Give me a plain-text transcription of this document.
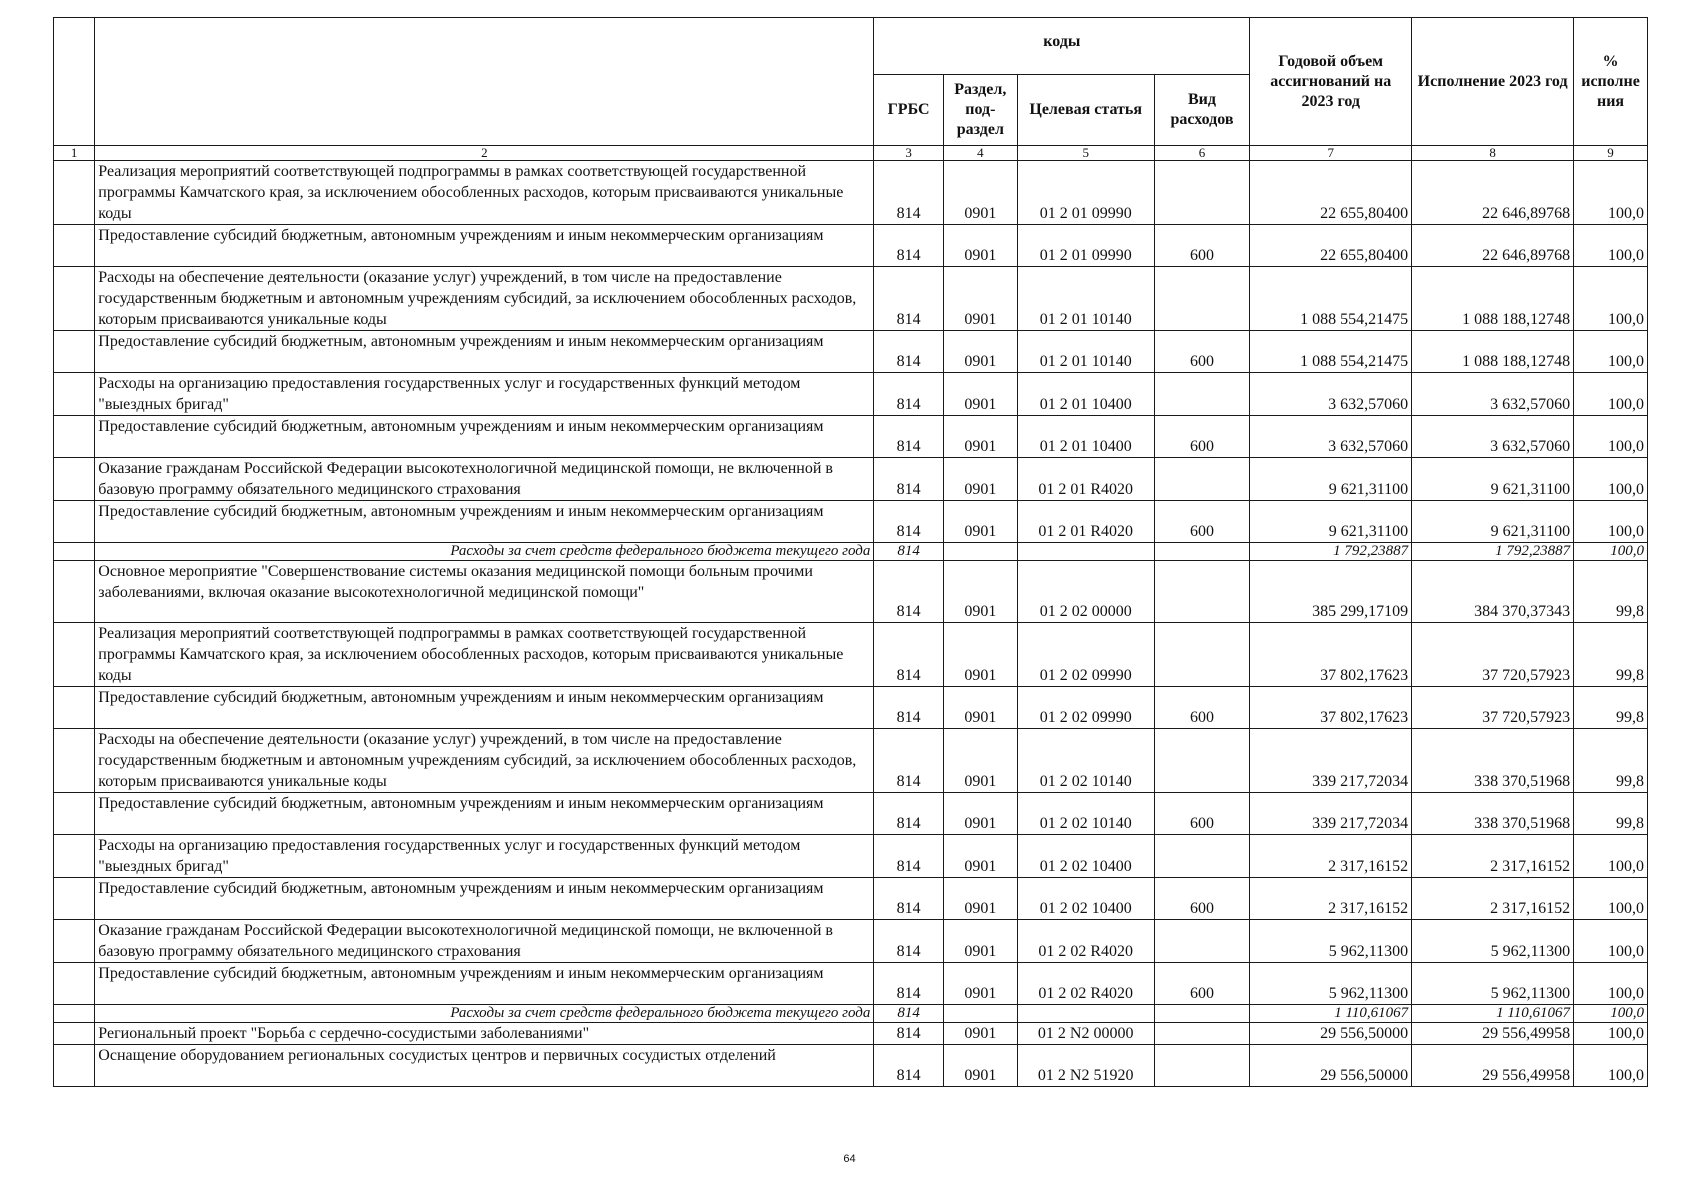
		коды				Годовой объем ассигнований на 2023 год	Исполнение 2023 год	% исполне ния
		ГРБС	Раздел, под-раздел	Целевая статья	Вид расходов			
1	2	3	4	5	6	7	8	9
	Реализация мероприятий соответствующей подпрограммы в рамках соответствующей государственной программы Камчатского края, за исключением обособленных расходов, которым присваиваются уникальные коды	814	0901	01 2 01 09990		22 655,80400	22 646,89768	100,0
	Предоставление субсидий бюджетным, автономным учреждениям и иным некоммерческим организациям	814	0901	01 2 01 09990	600	22 655,80400	22 646,89768	100,0
	Расходы на обеспечение деятельности (оказание услуг) учреждений, в том числе на предоставление государственным бюджетным и автономным учреждениям субсидий, за исключением обособленных расходов, которым присваиваются уникальные коды	814	0901	01 2 01 10140		1 088 554,21475	1 088 188,12748	100,0
	Предоставление субсидий бюджетным, автономным учреждениям и иным некоммерческим организациям	814	0901	01 2 01 10140	600	1 088 554,21475	1 088 188,12748	100,0
	Расходы на организацию предоставления государственных услуг и государственных функций методом "выездных бригад"	814	0901	01 2 01 10400		3 632,57060	3 632,57060	100,0
	Предоставление субсидий бюджетным, автономным учреждениям и иным некоммерческим организациям	814	0901	01 2 01 10400	600	3 632,57060	3 632,57060	100,0
	Оказание гражданам Российской Федерации высокотехнологичной медицинской помощи, не включенной в базовую программу обязательного медицинского страхования	814	0901	01 2 01 R4020		9 621,31100	9 621,31100	100,0
	Предоставление субсидий бюджетным, автономным учреждениям и иным некоммерческим организациям	814	0901	01 2 01 R4020	600	9 621,31100	9 621,31100	100,0
	Расходы за счет средств федерального бюджета текущего года	814				1 792,23887	1 792,23887	100,0
	Основное мероприятие "Совершенствование системы оказания медицинской помощи больным прочими заболеваниями, включая оказание высокотехнологичной медицинской помощи"	814	0901	01 2 02 00000		385 299,17109	384 370,37343	99,8
	Реализация мероприятий соответствующей подпрограммы в рамках соответствующей государственной программы Камчатского края, за исключением обособленных расходов, которым присваиваются уникальные коды	814	0901	01 2 02 09990		37 802,17623	37 720,57923	99,8
	Предоставление субсидий бюджетным, автономным учреждениям и иным некоммерческим организациям	814	0901	01 2 02 09990	600	37 802,17623	37 720,57923	99,8
	Расходы на обеспечение деятельности (оказание услуг) учреждений, в том числе на предоставление государственным бюджетным и автономным учреждениям субсидий, за исключением обособленных расходов, которым присваиваются уникальные коды	814	0901	01 2 02 10140		339 217,72034	338 370,51968	99,8
	Предоставление субсидий бюджетным, автономным учреждениям и иным некоммерческим организациям	814	0901	01 2 02 10140	600	339 217,72034	338 370,51968	99,8
	Расходы на организацию предоставления государственных услуг и государственных функций методом "выездных бригад"	814	0901	01 2 02 10400		2 317,16152	2 317,16152	100,0
	Предоставление субсидий бюджетным, автономным учреждениям и иным некоммерческим организациям	814	0901	01 2 02 10400	600	2 317,16152	2 317,16152	100,0
	Оказание гражданам Российской Федерации высокотехнологичной медицинской помощи, не включенной в базовую программу обязательного медицинского страхования	814	0901	01 2 02 R4020		5 962,11300	5 962,11300	100,0
	Предоставление субсидий бюджетным, автономным учреждениям и иным некоммерческим организациям	814	0901	01 2 02 R4020	600	5 962,11300	5 962,11300	100,0
	Расходы за счет средств федерального бюджета текущего года	814				1 110,61067	1 110,61067	100,0
	Региональный проект "Борьба с сердечно-сосудистыми заболеваниями"	814	0901	01 2 N2 00000		29 556,50000	29 556,49958	100,0
	Оснащение оборудованием региональных сосудистых центров и первичных сосудистых отделений	814	0901	01 2 N2 51920		29 556,50000	29 556,49958	100,0
64
